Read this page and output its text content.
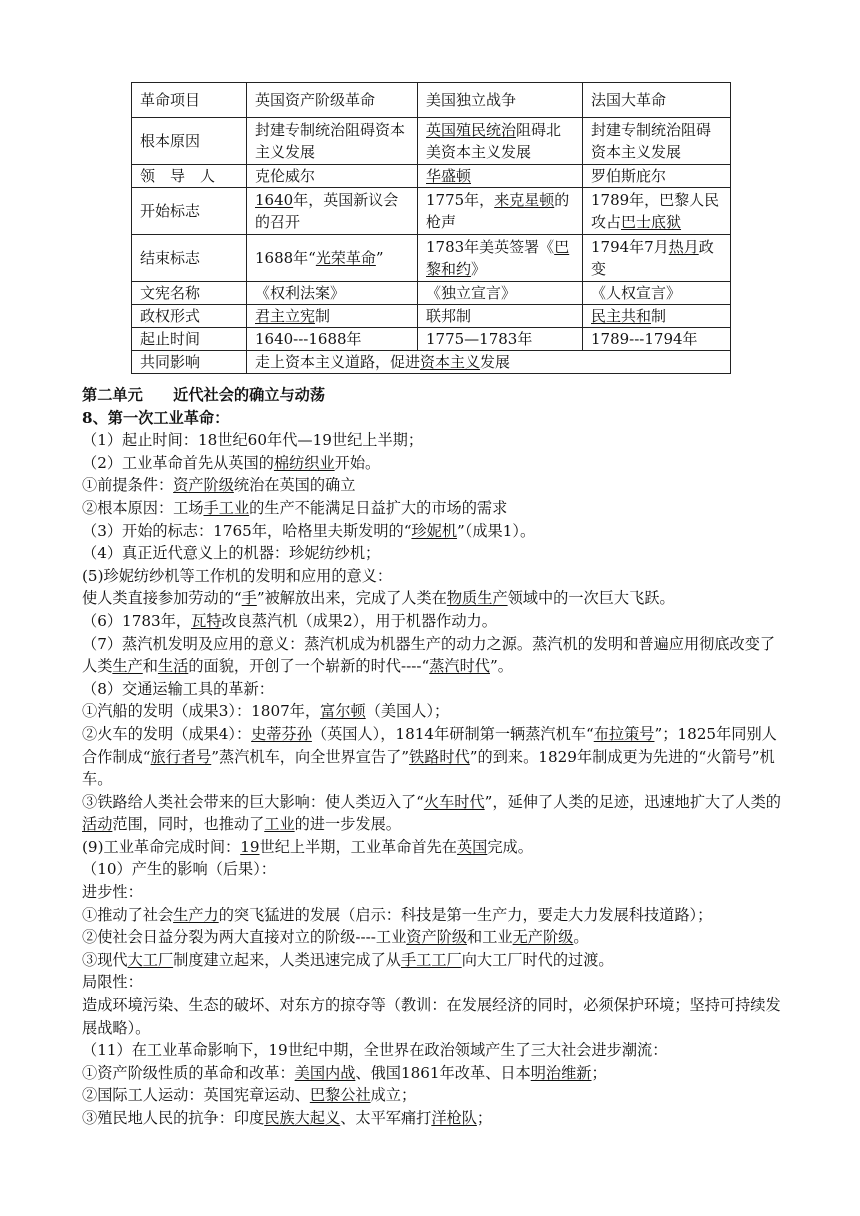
革命项目	英国资产阶级革命	美国独立战争	法国大革命
根本原因	封建专制统治阻碍资本主义发展	英国殖民统治阻碍北美资本主义发展	封建专制统治阻碍资本主义发展
领　导　人	克伦威尔	华盛顿	罗伯斯庇尔
开始标志	1640年，英国新议会的召开	1775年，来克星顿的枪声	1789年，巴黎人民攻占巴士底狱
结束标志	1688年“光荣革命”	1783年美英签署《巴黎和约》	1794年7月热月政变
文宪名称	《权利法案》	《独立宣言》	《人权宣言》
政权形式	君主立宪制	联邦制	民主共和制
起止时间	1640---1688年	1775—1783年	1789---1794年
共同影响	走上资本主义道路，促进资本主义发展		
第二单元　　近代社会的确立与动荡
8、第一次工业革命：
（1）起止时间：18世纪60年代—19世纪上半期；
（2）工业革命首先从英国的棉纺织业开始。
①前提条件：资产阶级统治在英国的确立
②根本原因：工场手工业的生产不能满足日益扩大的市场的需求
（3）开始的标志：1765年，哈格里夫斯发明的“珍妮机”（成果1）。
（4）真正近代意义上的机器：珍妮纺纱机；
(5)珍妮纺纱机等工作机的发明和应用的意义：
使人类直接参加劳动的“手”被解放出来，完成了人类在物质生产领域中的一次巨大飞跃。
（6）1783年，瓦特改良蒸汽机（成果2），用于机器作动力。
（7）蒸汽机发明及应用的意义：蒸汽机成为机器生产的动力之源。蒸汽机的发明和普遍应用彻底改变了人类生产和生活的面貌，开创了一个崭新的时代----“蒸汽时代”。
（8）交通运输工具的革新：
①汽船的发明（成果3）：1807年，富尔顿（美国人）；
②火车的发明（成果4）：史蒂芬孙（英国人），1814年研制第一辆蒸汽机车“布拉策号”；1825年同别人合作制成“旅行者号”蒸汽机车，向全世界宣告了”铁路时代”的到来。1829年制成更为先进的“火箭号”机车。
③铁路给人类社会带来的巨大影响：使人类迈入了“火车时代”，延伸了人类的足迹，迅速地扩大了人类的活动范围，同时，也推动了工业的进一步发展。
(9)工业革命完成时间：19世纪上半期，工业革命首先在英国完成。
（10）产生的影响（后果）：
进步性：
①推动了社会生产力的突飞猛进的发展（启示：科技是第一生产力，要走大力发展科技道路）；
②使社会日益分裂为两大直接对立的阶级----工业资产阶级和工业无产阶级。
③现代大工厂制度建立起来，人类迅速完成了从手工工厂向大工厂时代的过渡。
局限性：
造成环境污染、生态的破坏、对东方的掠夺等（教训：在发展经济的同时，必须保护环境；坚持可持续发展战略）。
（11）在工业革命影响下，19世纪中期，全世界在政治领域产生了三大社会进步潮流：
①资产阶级性质的革命和改革：美国内战、俄国1861年改革、日本明治维新；
②国际工人运动：英国宪章运动、巴黎公社成立；
③殖民地人民的抗争：印度民族大起义、太平军痛打洋枪队；
